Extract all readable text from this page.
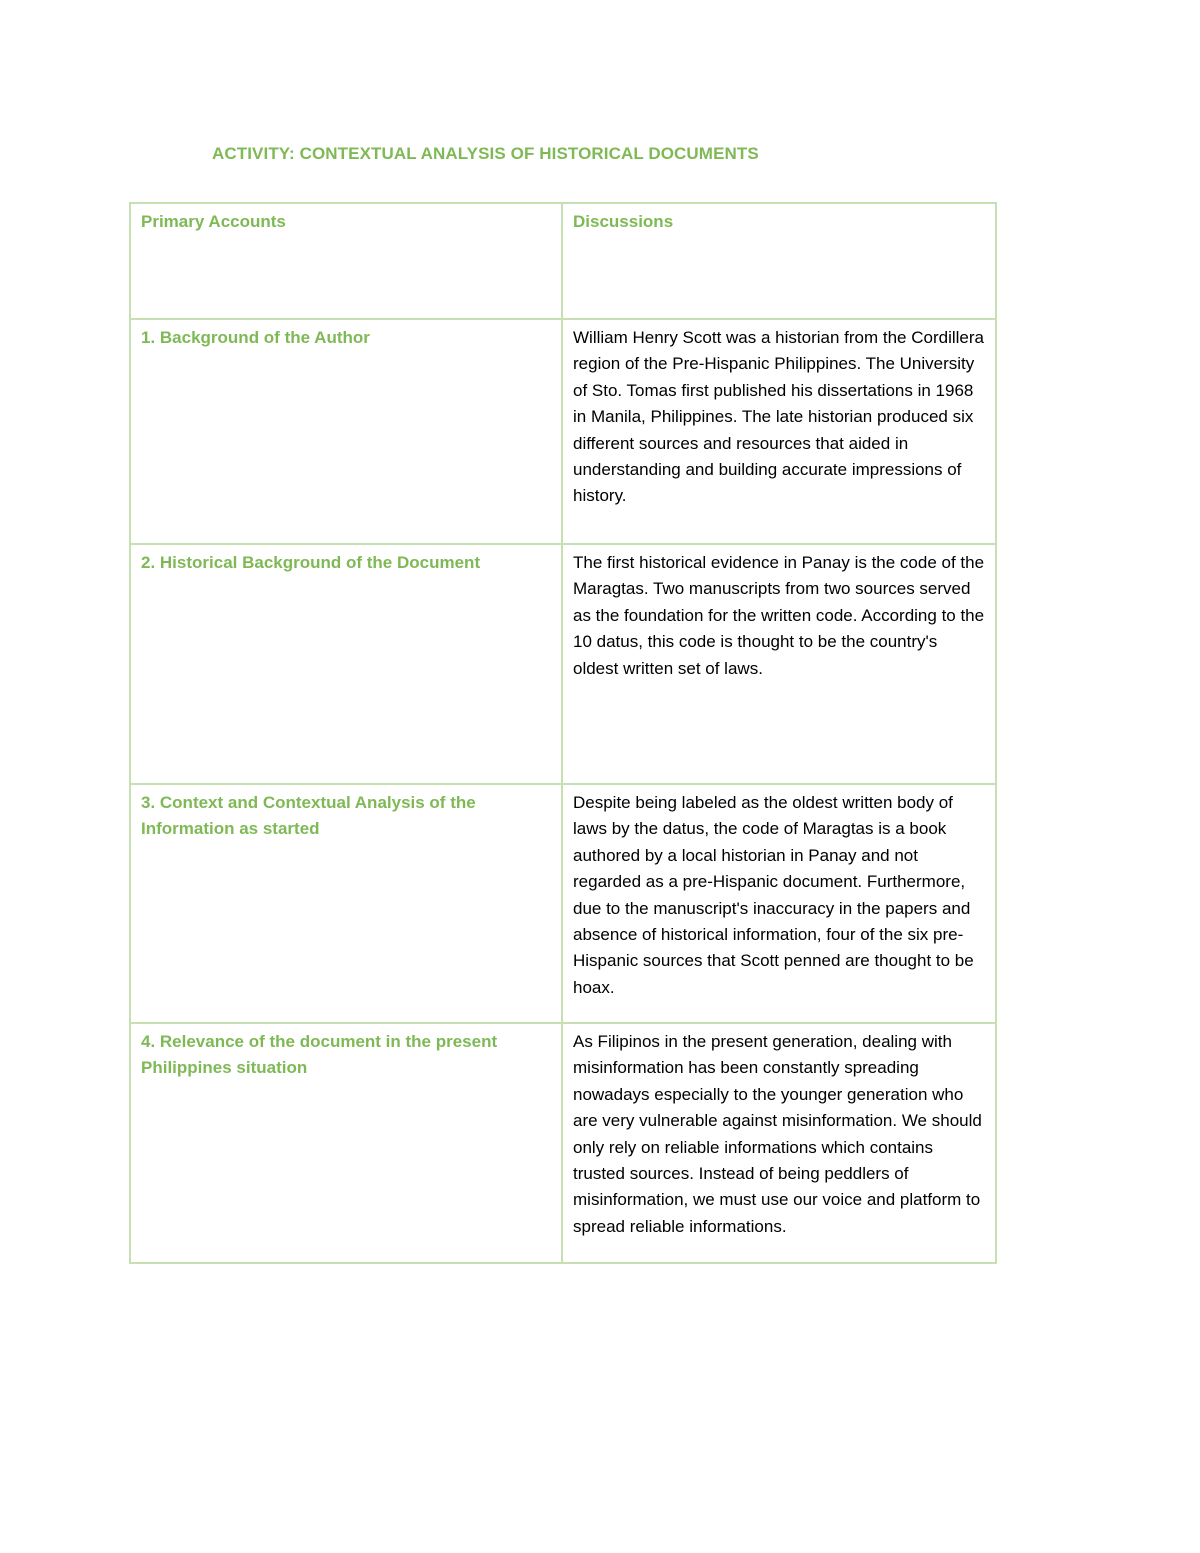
ACTIVITY: CONTEXTUAL ANALYSIS OF HISTORICAL DOCUMENTS
Primary Accounts	Discussions
1. Background of the Author	William Henry Scott was a historian from the Cordillera region of the Pre-Hispanic Philippines. The University of Sto. Tomas first published his dissertations in 1968 in Manila, Philippines. The late historian produced six different sources and resources that aided in understanding and building accurate impressions of history.
2. Historical Background of the Document	The first historical evidence in Panay is the code of the Maragtas. Two manuscripts from two sources served as the foundation for the written code. According to the 10 datus, this code is thought to be the country's oldest written set of laws.
3. Context and Contextual Analysis of the Information as started	Despite being labeled as the oldest written body of laws by the datus, the code of Maragtas is a book authored by a local historian in Panay and not regarded as a pre-Hispanic document. Furthermore, due to the manuscript's inaccuracy in the papers and absence of historical information, four of the six pre-Hispanic sources that Scott penned are thought to be hoax.
4. Relevance of the document in the present Philippines situation	As Filipinos in the present generation, dealing with misinformation has been constantly spreading nowadays especially to the younger generation who are very vulnerable against misinformation. We should only rely on reliable informations which contains trusted sources. Instead of being peddlers of misinformation, we must use our voice and platform to spread reliable informations.
